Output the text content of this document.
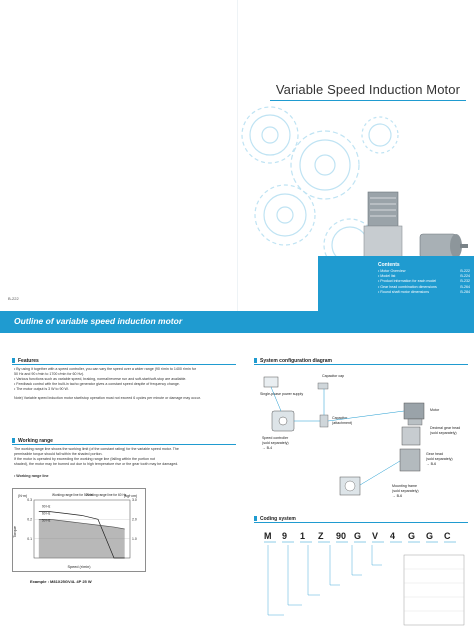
Variable Speed Induction Motor
Contents
• Motor Overview	B-222
• Model list	B-224
• Product information for each model	B-232
• Gear head combination dimensions	B-264
• Round shaft motor dimensions	B-284
B-222
Outline of variable speed induction motor
Features

• By using it together with a speed controller, you can vary the speed over a wider range (90 r/min to 1400 r/min for

50 Hz and 90 r/min to 1700 r/min for 60 Hz).

• Various functions such as variable speed, braking, normal/reverse run and soft-start/soft-stop are available.

• Feedback control with the built-in tacho generator gives a constant speed despite of frequency change.

• The motor output is 3 W to 90 W.

Note) Variable speed induction motor start/stop operation must not exceed 6 cycles per minute or damage may occur.

Working range

The working range line shows the working limit (of the constant rating) for the variable speed motor. The

permissible torque should fall within the shaded portion.

If the motor is operated by exceeding the working range line (falling within the portion not

shaded), the motor may be burned out due to high temperature rise or the gear tooth may be damaged.

• Working range line
(N·m)	(kgf·cm)
Torque
Speed (r/min)
0.3
0.2
0.1
3.0
2.0
1.0
Working range line for 50 Hz
Working range line for 60 Hz
90 Hz
60 Hz
50 Hz
Example : M81X25GV4L 4P 25 W
System configuration diagram
Single-phase power supply
Speed controller
(sold separately)
→ B-4
Capacitor cap
Capacitor
(attachment)
Motor
Decimal gear head
(sold separately)
Gear head
(sold separately)
→ B-6
Mounting frame
(sold separately)
→ B-6
Coding system
M 9 1 Z 90 G V 4 G G C
